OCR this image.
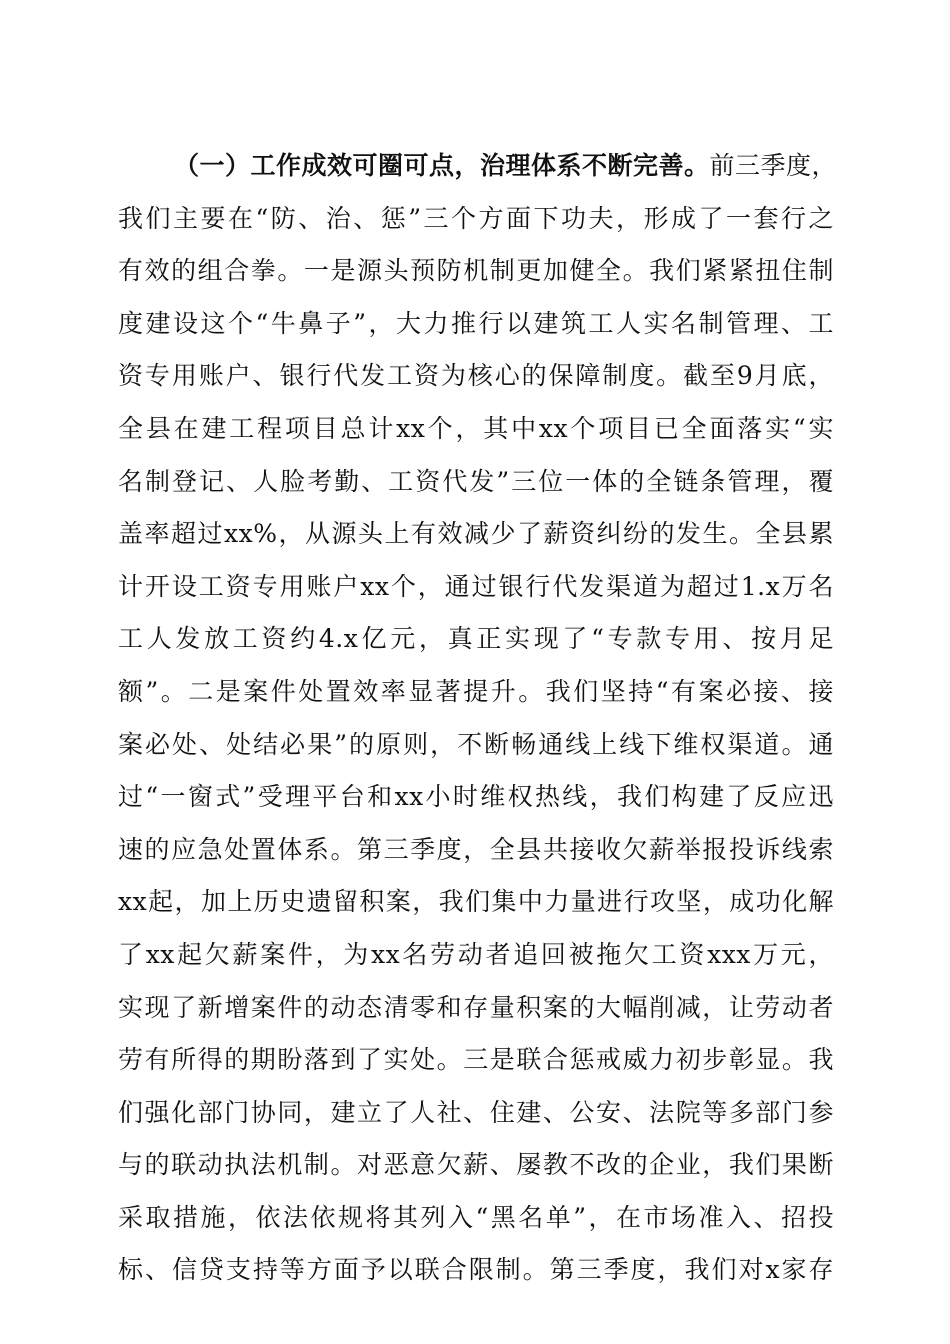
（一）工作成效可圈可点，治理体系不断完善。前三季度，
我们主要在“防、治、惩”三个方面下功夫，形成了一套行之
有效的组合拳。一是源头预防机制更加健全。我们紧紧扭住制
度建设这个“牛鼻子”，大力推行以建筑工人实名制管理、工
资专用账户、银行代发工资为核心的保障制度。截至9月底，
全县在建工程项目总计xx个，其中xx个项目已全面落实“实
名制登记、人脸考勤、工资代发”三位一体的全链条管理，覆
盖率超过xx%，从源头上有效减少了薪资纠纷的发生。全县累
计开设工资专用账户xx个，通过银行代发渠道为超过1.x万名
工人发放工资约4.x亿元，真正实现了“专款专用、按月足
额”。二是案件处置效率显著提升。我们坚持“有案必接、接
案必处、处结必果”的原则，不断畅通线上线下维权渠道。通
过“一窗式”受理平台和xx小时维权热线，我们构建了反应迅
速的应急处置体系。第三季度，全县共接收欠薪举报投诉线索
xx起，加上历史遗留积案，我们集中力量进行攻坚，成功化解
了xx起欠薪案件，为xx名劳动者追回被拖欠工资xxx万元，
实现了新增案件的动态清零和存量积案的大幅削减，让劳动者
劳有所得的期盼落到了实处。三是联合惩戒威力初步彰显。我
们强化部门协同，建立了人社、住建、公安、法院等多部门参
与的联动执法机制。对恶意欠薪、屡教不改的企业，我们果断
采取措施，依法依规将其列入“黑名单”，在市场准入、招投
标、信贷支持等方面予以联合限制。第三季度，我们对x家存
